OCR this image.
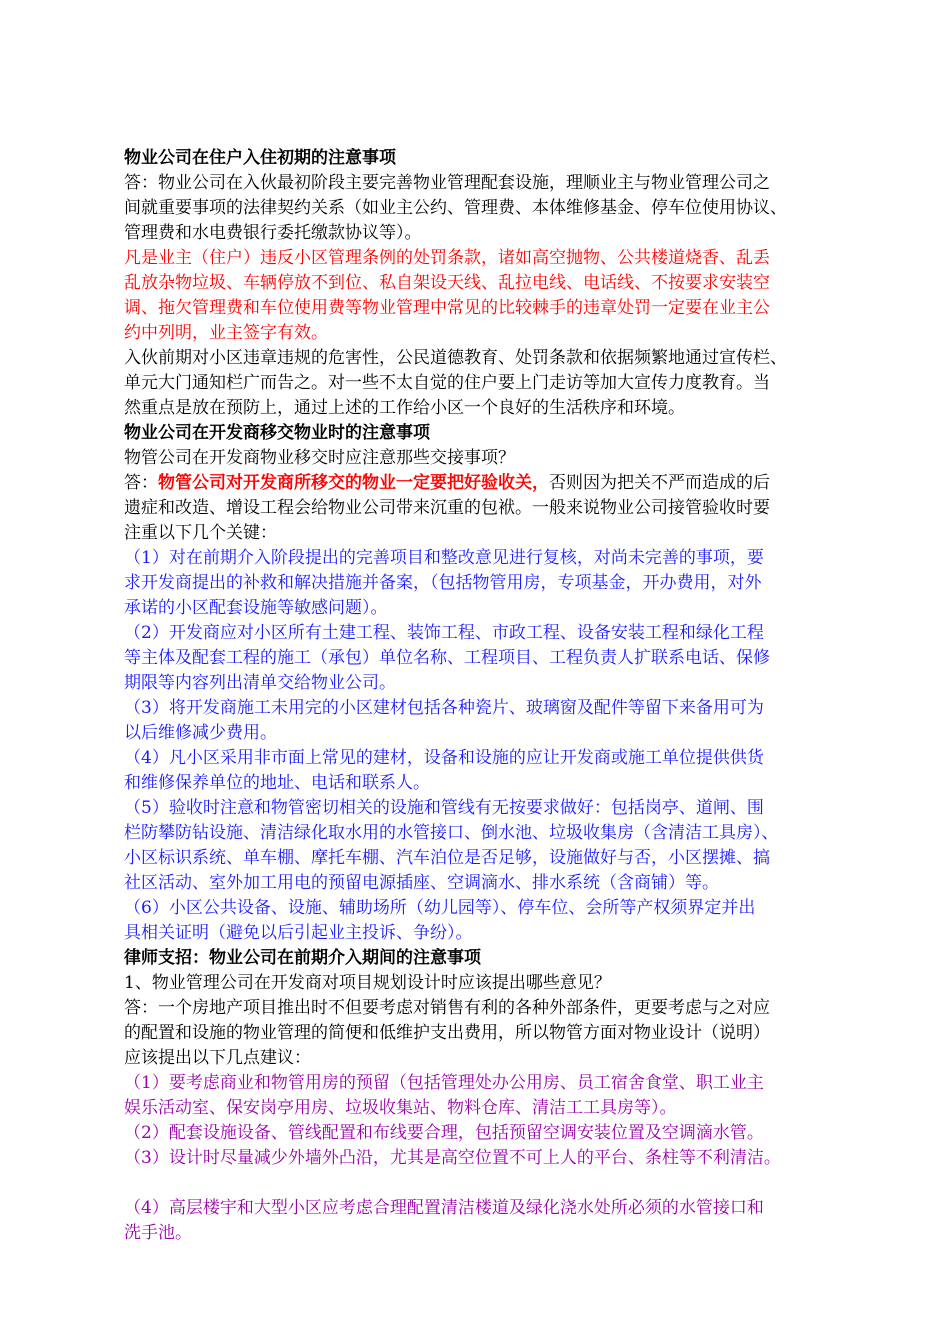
物业公司在住户入住初期的注意事项
答：物业公司在入伙最初阶段主要完善物业管理配套设施，理顺业主与物业管理公司之
间就重要事项的法律契约关系（如业主公约、管理费、本体维修基金、停车位使用协议、
管理费和水电费银行委托缴款协议等）。
凡是业主（住户）违反小区管理条例的处罚条款，诸如高空抛物、公共楼道烧香、乱丢
乱放杂物垃圾、车辆停放不到位、私自架设天线、乱拉电线、电话线、不按要求安装空
调、拖欠管理费和车位使用费等物业管理中常见的比较棘手的违章处罚一定要在业主公
约中列明，业主签字有效。
入伙前期对小区违章违规的危害性，公民道德教育、处罚条款和依据频繁地通过宣传栏、
单元大门通知栏广而告之。对一些不太自觉的住户要上门走访等加大宣传力度教育。当
然重点是放在预防上，通过上述的工作给小区一个良好的生活秩序和环境。
物业公司在开发商移交物业时的注意事项
物管公司在开发商物业移交时应注意那些交接事项？
答：物管公司对开发商所移交的物业一定要把好验收关，否则因为把关不严而造成的后
遗症和改造、增设工程会给物业公司带来沉重的包袱。一般来说物业公司接管验收时要
注重以下几个关键：
（1）对在前期介入阶段提出的完善项目和整改意见进行复核，对尚未完善的事项，要
求开发商提出的补救和解决措施并备案，（包括物管用房，专项基金，开办费用，对外
承诺的小区配套设施等敏感问题）。
（2）开发商应对小区所有土建工程、装饰工程、市政工程、设备安装工程和绿化工程
等主体及配套工程的施工（承包）单位名称、工程项目、工程负责人扩联系电话、保修
期限等内容列出清单交给物业公司。
（3）将开发商施工未用完的小区建材包括各种瓷片、玻璃窗及配件等留下来备用可为
以后维修减少费用。
（4）凡小区采用非市面上常见的建材，设备和设施的应让开发商或施工单位提供供货
和维修保养单位的地址、电话和联系人。
（5）验收时注意和物管密切相关的设施和管线有无按要求做好：包括岗亭、道闸、围
栏防攀防钻设施、清洁绿化取水用的水管接口、倒水池、垃圾收集房（含清洁工具房）、
小区标识系统、单车棚、摩托车棚、汽车泊位是否足够，设施做好与否，小区摆摊、搞
社区活动、室外加工用电的预留电源插座、空调滴水、排水系统（含商铺）等。
（6）小区公共设备、设施、辅助场所（幼儿园等）、停车位、会所等产权须界定并出
具相关证明（避免以后引起业主投诉、争纷）。
律师支招：物业公司在前期介入期间的注意事项
1、物业管理公司在开发商对项目规划设计时应该提出哪些意见？
答：一个房地产项目推出时不但要考虑对销售有利的各种外部条件，更要考虑与之对应
的配置和设施的物业管理的简便和低维护支出费用，所以物管方面对物业设计（说明）
应该提出以下几点建议：
（1）要考虑商业和物管用房的预留（包括管理处办公用房、员工宿舍食堂、职工业主
娱乐活动室、保安岗亭用房、垃圾收集站、物料仓库、清洁工工具房等）。
（2）配套设施设备、管线配置和布线要合理，包括预留空调安装位置及空调滴水管。
（3）设计时尽量减少外墙外凸沿，尤其是高空位置不可上人的平台、条柱等不利清洁。
（4）高层楼宇和大型小区应考虑合理配置清洁楼道及绿化浇水处所必须的水管接口和
洗手池。
